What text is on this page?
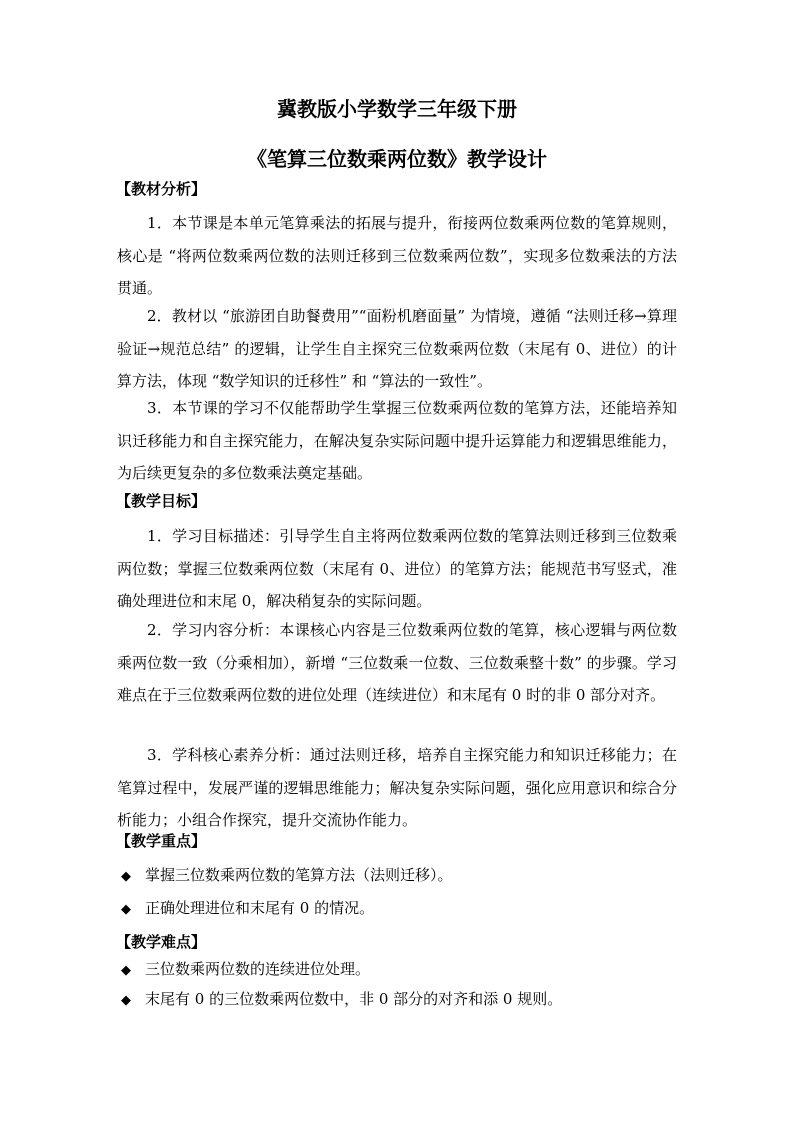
冀教版小学数学三年级下册
《笔算三位数乘两位数》教学设计
【教材分析】
1．本节课是本单元笔算乘法的拓展与提升，衔接两位数乘两位数的笔算规则，核心是 “将两位数乘两位数的法则迁移到三位数乘两位数”，实现多位数乘法的方法贯通。
2．教材以 “旅游团自助餐费用”“面粉机磨面量” 为情境，遵循 “法则迁移→算理验证→规范总结” 的逻辑，让学生自主探究三位数乘两位数（末尾有 0、进位）的计算方法，体现 “数学知识的迁移性” 和 “算法的一致性”。
3．本节课的学习不仅能帮助学生掌握三位数乘两位数的笔算方法，还能培养知识迁移能力和自主探究能力，在解决复杂实际问题中提升运算能力和逻辑思维能力，为后续更复杂的多位数乘法奠定基础。
【教学目标】
1．学习目标描述：引导学生自主将两位数乘两位数的笔算法则迁移到三位数乘两位数；掌握三位数乘两位数（末尾有 0、进位）的笔算方法；能规范书写竖式，准确处理进位和末尾 0，解决稍复杂的实际问题。
2．学习内容分析：本课核心内容是三位数乘两位数的笔算，核心逻辑与两位数乘两位数一致（分乘相加），新增 “三位数乘一位数、三位数乘整十数” 的步骤。学习难点在于三位数乘两位数的进位处理（连续进位）和末尾有 0 时的非 0 部分对齐。
3．学科核心素养分析：通过法则迁移，培养自主探究能力和知识迁移能力；在笔算过程中，发展严谨的逻辑思维能力；解决复杂实际问题，强化应用意识和综合分析能力；小组合作探究，提升交流协作能力。
【教学重点】
◆ 掌握三位数乘两位数的笔算方法（法则迁移）。
◆ 正确处理进位和末尾有 0 的情况。
【教学难点】
◆ 三位数乘两位数的连续进位处理。
◆ 末尾有 0 的三位数乘两位数中，非 0 部分的对齐和添 0 规则。
